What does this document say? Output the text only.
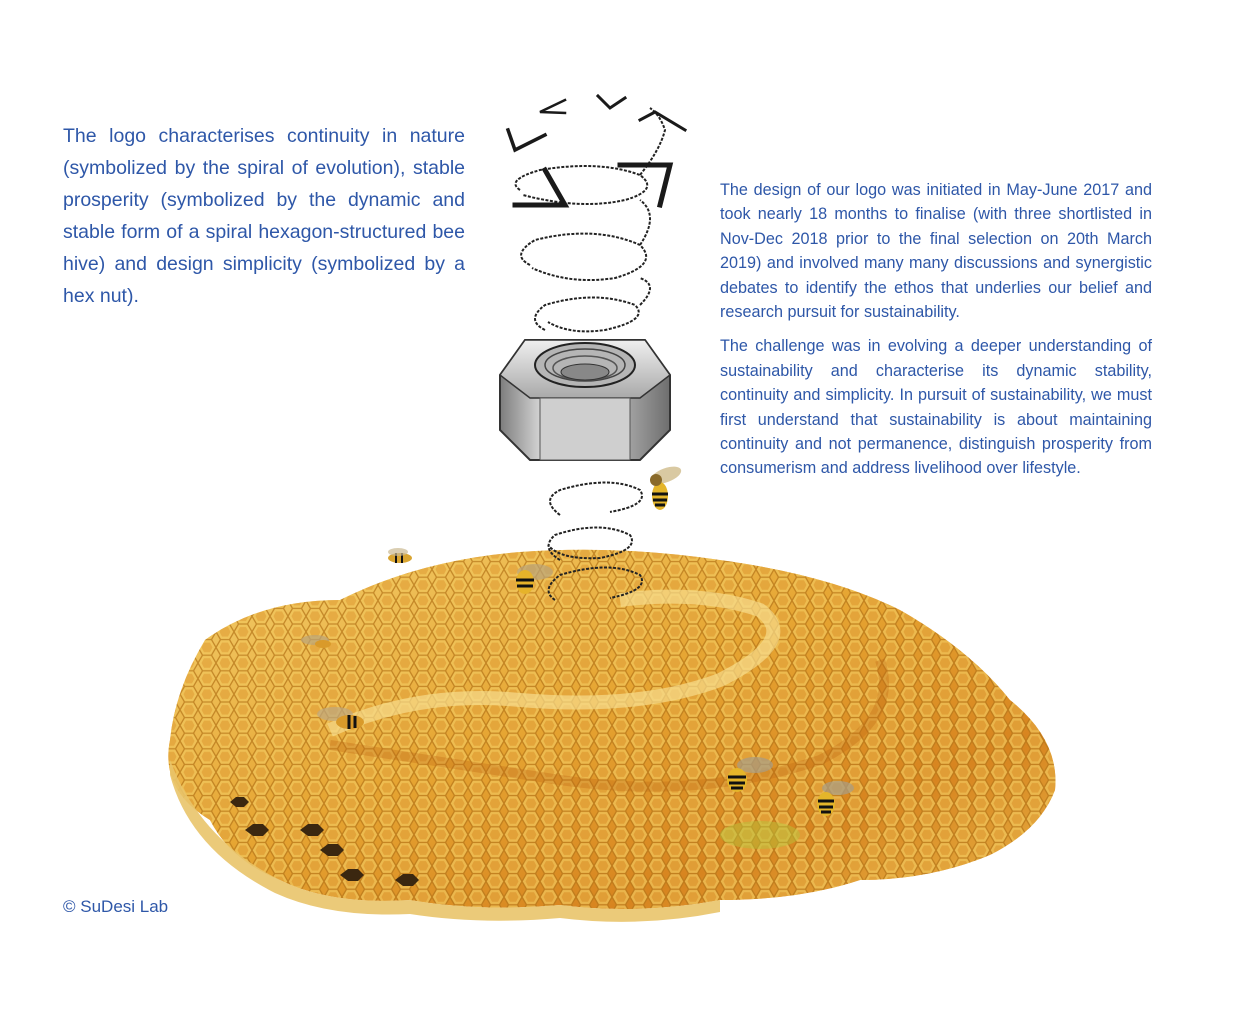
The logo characterises continuity in nature (symbolized by the spiral of evolution), stable prosperity (symbolized by the dynamic and stable form of a spiral hexagon-structured bee hive) and design simplicity (symbolized by a hex nut).

The design of our logo was initiated in May-June 2017 and took nearly 18 months to finalise (with three shortlisted in Nov-Dec 2018 prior to the final selection on 20th March 2019) and involved many many discussions and synergistic debates to identify the ethos that underlies our belief and research pursuit for sustainability.

The challenge was in evolving a deeper understanding of sustainability and characterise its dynamic stability, continuity and simplicity. In pursuit of sustainability, we must first understand that sustainability is about maintaining continuity and not permanence, distinguish prosperity from consumerism and address livelihood over lifestyle.

© SuDesi Lab
